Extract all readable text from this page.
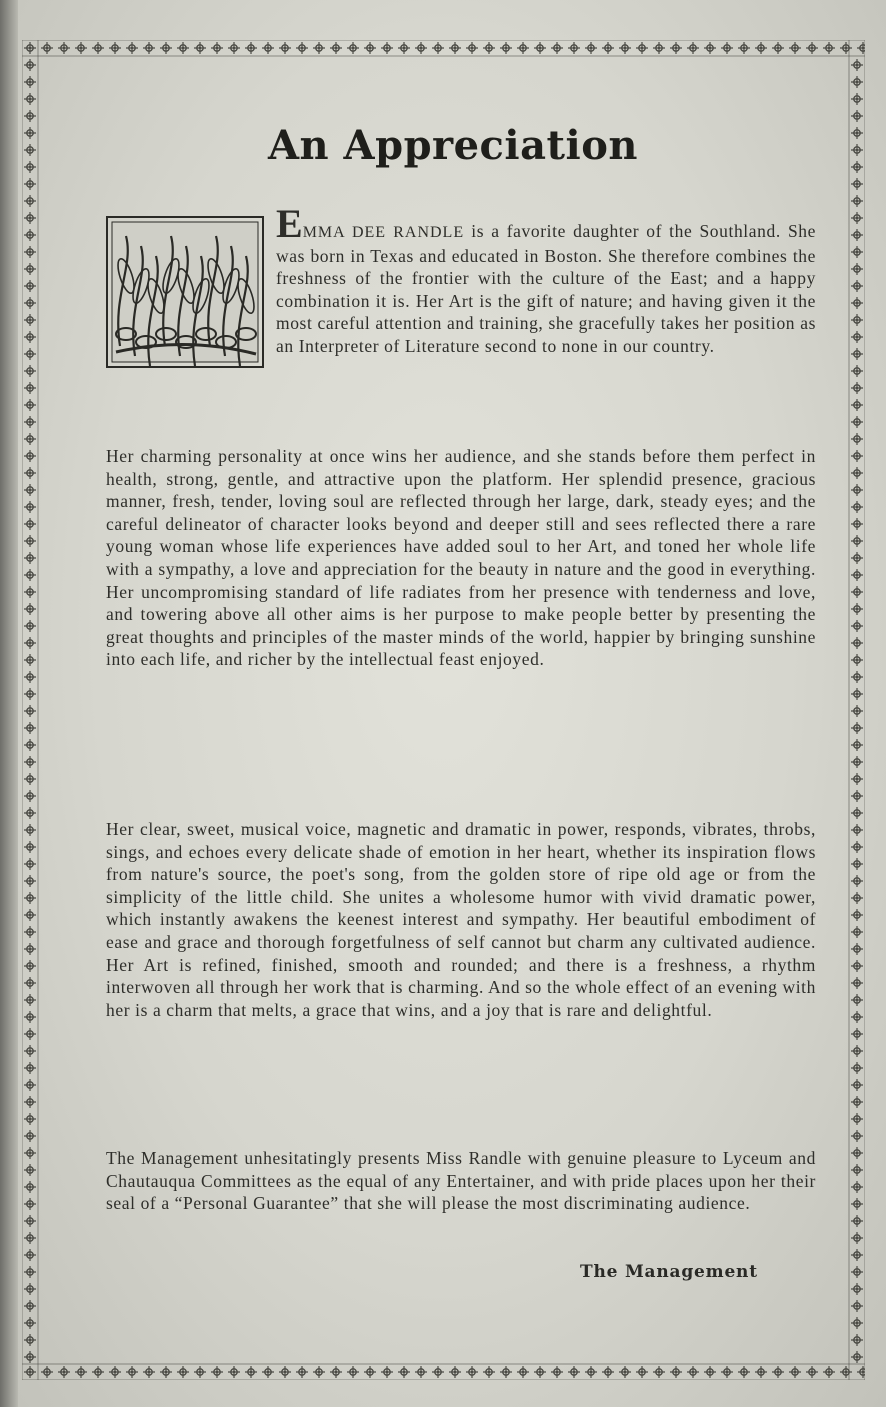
An Appreciation
EMMA DEE RANDLE is a favorite daughter of the Southland. She was born in Texas and educated in Boston. She therefore combines the freshness of the frontier with the culture of the East; and a happy combination it is. Her Art is the gift of nature; and having given it the most careful attention and training, she gracefully takes her position as an Interpreter of Literature second to none in our country.
Her charming personality at once wins her audience, and she stands before them perfect in health, strong, gentle, and attractive upon the platform. Her splendid presence, gracious manner, fresh, tender, loving soul are reflected through her large, dark, steady eyes; and the careful delineator of character looks beyond and deeper still and sees reflected there a rare young woman whose life experiences have added soul to her Art, and toned her whole life with a sympathy, a love and appreciation for the beauty in nature and the good in everything. Her uncompromising standard of life radiates from her presence with tenderness and love, and towering above all other aims is her purpose to make people better by presenting the great thoughts and principles of the master minds of the world, happier by bringing sunshine into each life, and richer by the intellectual feast enjoyed.
Her clear, sweet, musical voice, magnetic and dramatic in power, responds, vibrates, throbs, sings, and echoes every delicate shade of emotion in her heart, whether its inspiration flows from nature's source, the poet's song, from the golden store of ripe old age or from the simplicity of the little child. She unites a wholesome humor with vivid dramatic power, which instantly awakens the keenest interest and sympathy. Her beautiful embodiment of ease and grace and thorough forgetfulness of self cannot but charm any cultivated audience. Her Art is refined, finished, smooth and rounded; and there is a freshness, a rhythm interwoven all through her work that is charming. And so the whole effect of an evening with her is a charm that melts, a grace that wins, and a joy that is rare and delightful.
The Management unhesitatingly presents Miss Randle with genuine pleasure to Lyceum and Chautauqua Committees as the equal of any Entertainer, and with pride places upon her their seal of a “Personal Guarantee” that she will please the most discriminating audience.
The Management
